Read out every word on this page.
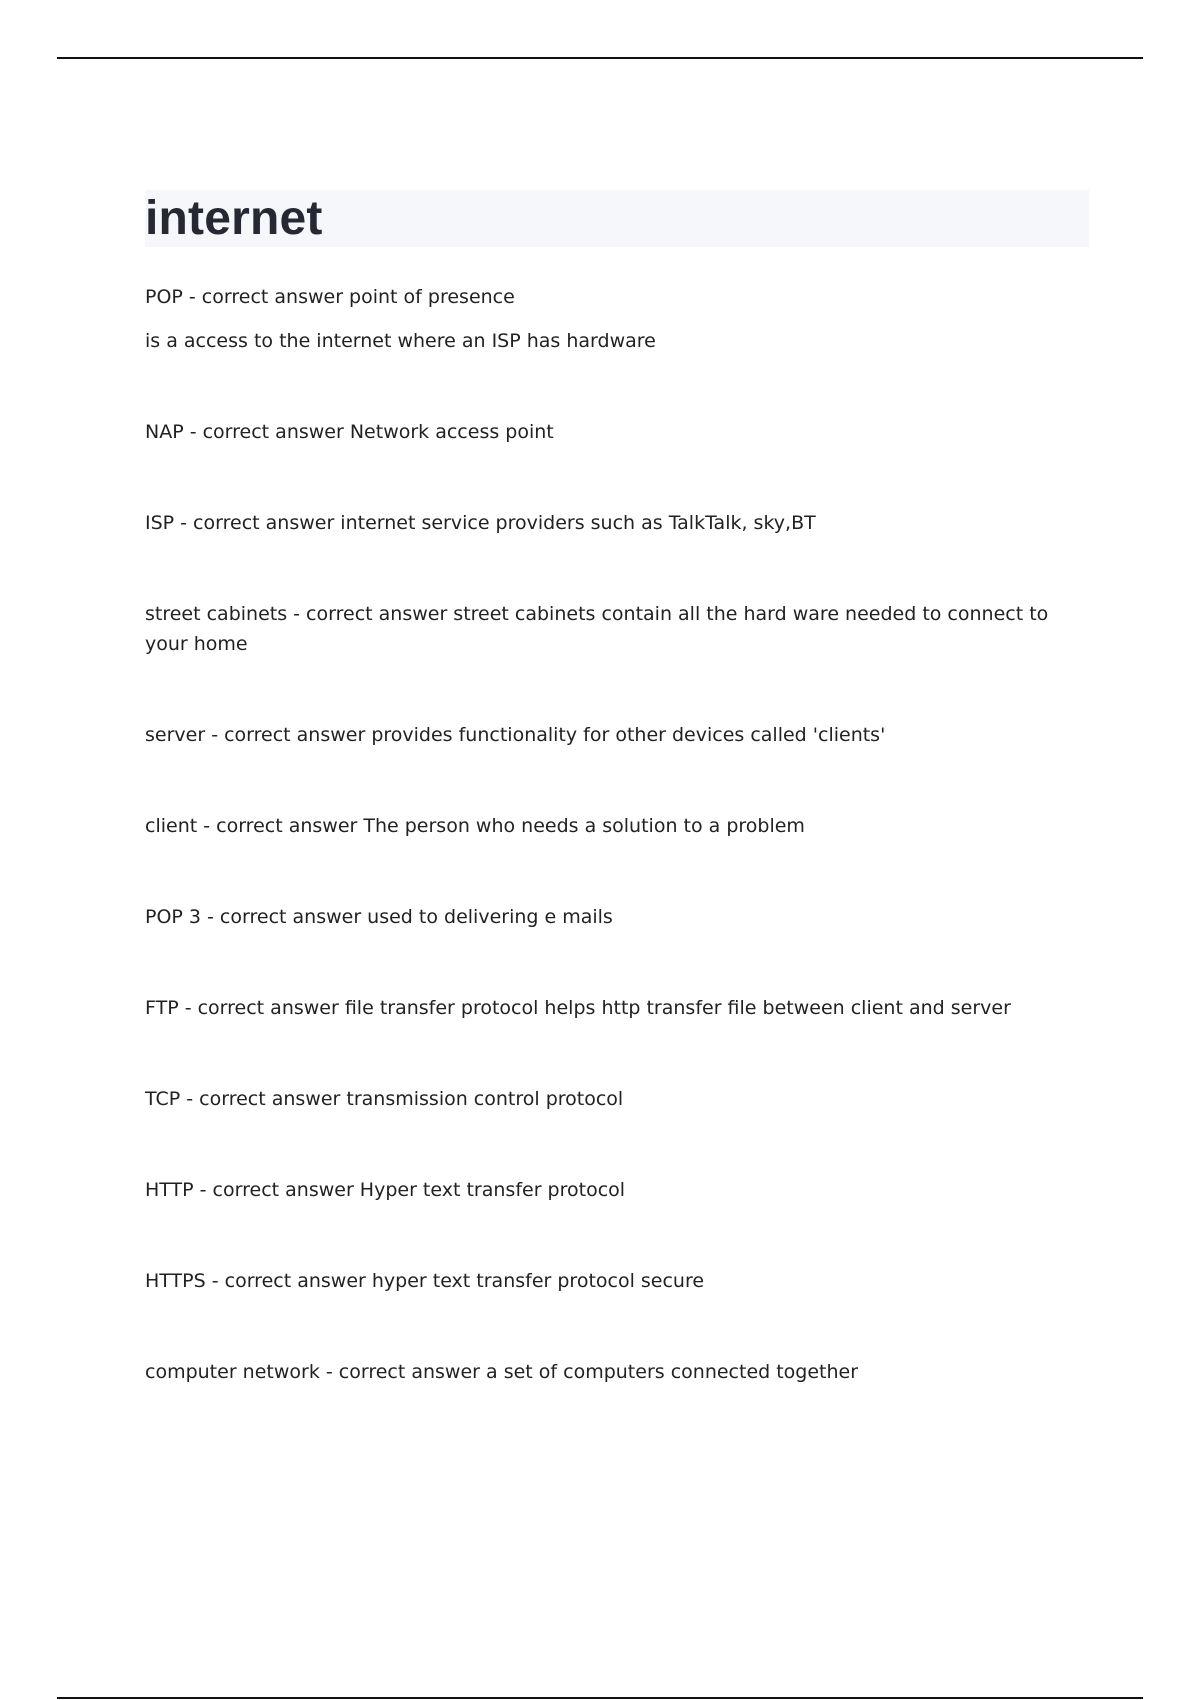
internet

POP - correct answer point of presence

is a access to the internet where an ISP has hardware

NAP - correct answer Network access point

ISP - correct answer internet service providers such as TalkTalk, sky,BT

street cabinets - correct answer street cabinets contain all the hard ware needed to connect to your home

server - correct answer provides functionality for other devices called 'clients'

client - correct answer The person who needs a solution to a problem

POP 3 - correct answer used to delivering e mails

FTP - correct answer file transfer protocol helps http transfer file between client and server

TCP - correct answer transmission control protocol

HTTP - correct answer Hyper text transfer protocol

HTTPS - correct answer hyper text transfer protocol secure

computer network - correct answer a set of computers connected together
